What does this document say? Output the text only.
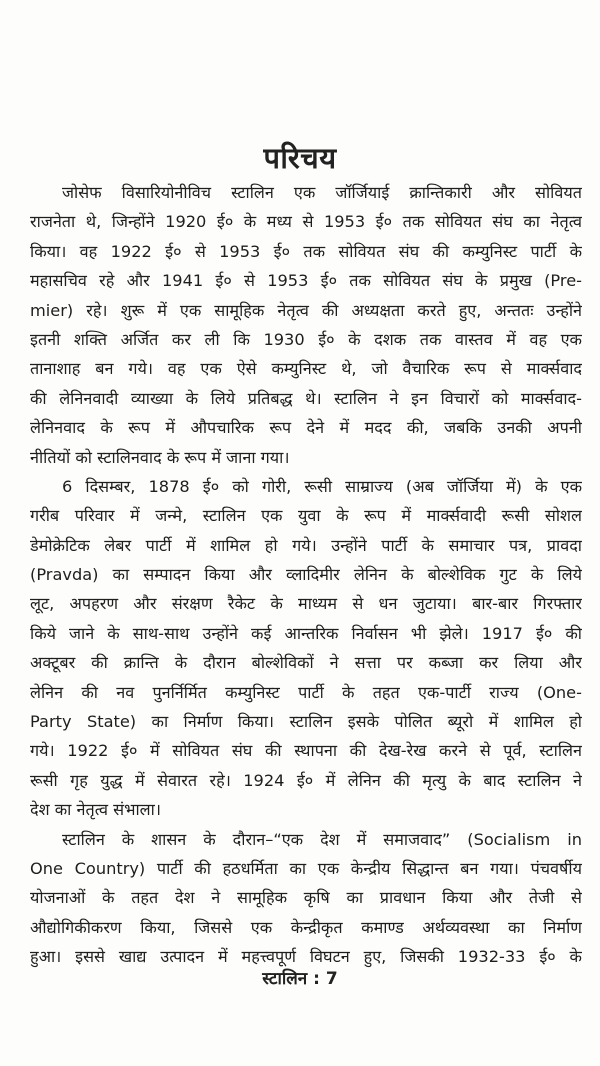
परिचय
जोसेफ विसारियोनीविच स्टालिन एक जॉर्जियाई क्रान्तिकारी और सोवियत
राजनेता थे, जिन्होंने 1920 ई० के मध्य से 1953 ई० तक सोवियत संघ का नेतृत्व
किया। वह 1922 ई० से 1953 ई० तक सोवियत संघ की कम्युनिस्ट पार्टी के
महासचिव रहे और 1941 ई० से 1953 ई० तक सोवियत संघ के प्रमुख (Pre-
mier) रहे। शुरू में एक सामूहिक नेतृत्व की अध्यक्षता करते हुए, अन्ततः उन्होंने
इतनी शक्ति अर्जित कर ली कि 1930 ई० के दशक तक वास्तव में वह एक
तानाशाह बन गये। वह एक ऐसे कम्युनिस्ट थे, जो वैचारिक रूप से मार्क्सवाद
की लेनिनवादी व्याख्या के लिये प्रतिबद्ध थे। स्टालिन ने इन विचारों को मार्क्सवाद-
लेनिनवाद के रूप में औपचारिक रूप देने में मदद की, जबकि उनकी अपनी
नीतियों को स्टालिनवाद के रूप में जाना गया।
6 दिसम्बर, 1878 ई० को गोरी, रूसी साम्राज्य (अब जॉर्जिया में) के एक
गरीब परिवार में जन्मे, स्टालिन एक युवा के रूप में मार्क्सवादी रूसी सोशल
डेमोक्रेटिक लेबर पार्टी में शामिल हो गये। उन्होंने पार्टी के समाचार पत्र, प्रावदा
(Pravda) का सम्पादन किया और व्लादिमीर लेनिन के बोल्शेविक गुट के लिये
लूट, अपहरण और संरक्षण रैकेट के माध्यम से धन जुटाया। बार-बार गिरफ्तार
किये जाने के साथ-साथ उन्होंने कई आन्तरिक निर्वासन भी झेले। 1917 ई० की
अक्टूबर की क्रान्ति के दौरान बोल्शेविकों ने सत्ता पर कब्जा कर लिया और
लेनिन की नव पुनर्निर्मित कम्युनिस्ट पार्टी के तहत एक-पार्टी राज्य (One-
Party State) का निर्माण किया। स्टालिन इसके पोलित ब्यूरो में शामिल हो
गये। 1922 ई० में सोवियत संघ की स्थापना की देख-रेख करने से पूर्व, स्टालिन
रूसी गृह युद्ध में सेवारत रहे। 1924 ई० में लेनिन की मृत्यु के बाद स्टालिन ने
देश का नेतृत्व संभाला।
स्टालिन के शासन के दौरान–“एक देश में समाजवाद” (Socialism in
One Country) पार्टी की हठधर्मिता का एक केन्द्रीय सिद्धान्त बन गया। पंचवर्षीय
योजनाओं के तहत देश ने सामूहिक कृषि का प्रावधान किया और तेजी से
औद्योगिकीकरण किया, जिससे एक केन्द्रीकृत कमाण्ड अर्थव्यवस्था का निर्माण
हुआ। इससे खाद्य उत्पादन में महत्त्वपूर्ण विघटन हुए, जिसकी 1932-33 ई० के
स्टालिन : 7
